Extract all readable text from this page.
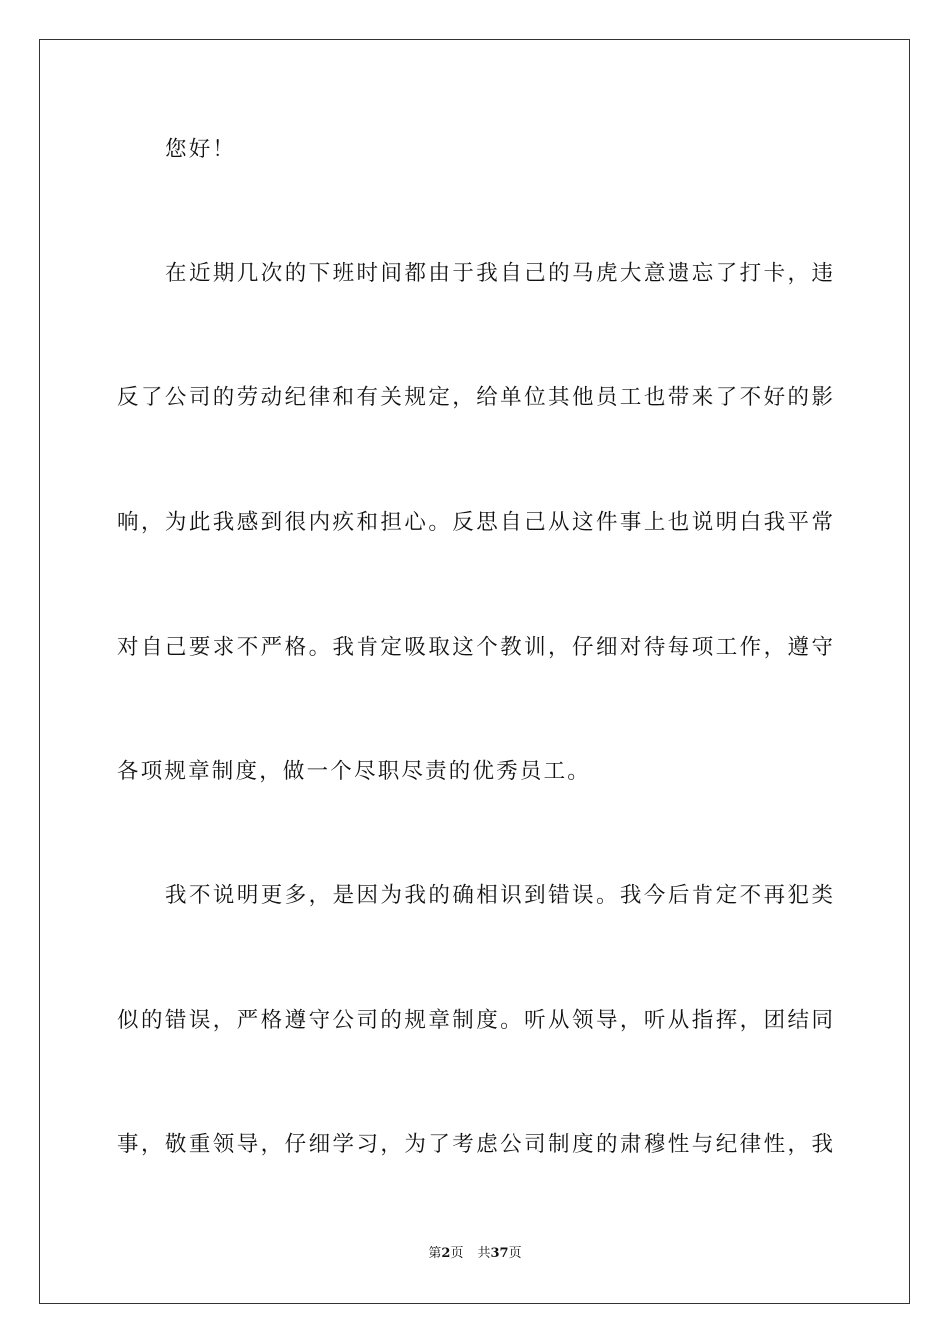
您好！
在近期几次的下班时间都由于我自己的马虎大意遗忘了打卡，违
反了公司的劳动纪律和有关规定，给单位其他员工也带来了不好的影
响，为此我感到很内疚和担心。反思自己从这件事上也说明白我平常
对自己要求不严格。我肯定吸取这个教训，仔细对待每项工作，遵守
各项规章制度，做一个尽职尽责的优秀员工。
我不说明更多，是因为我的确相识到错误。我今后肯定不再犯类
似的错误，严格遵守公司的规章制度。听从领导，听从指挥，团结同
事，敬重领导，仔细学习，为了考虑公司制度的肃穆性与纪律性，我
第2页 共37页
